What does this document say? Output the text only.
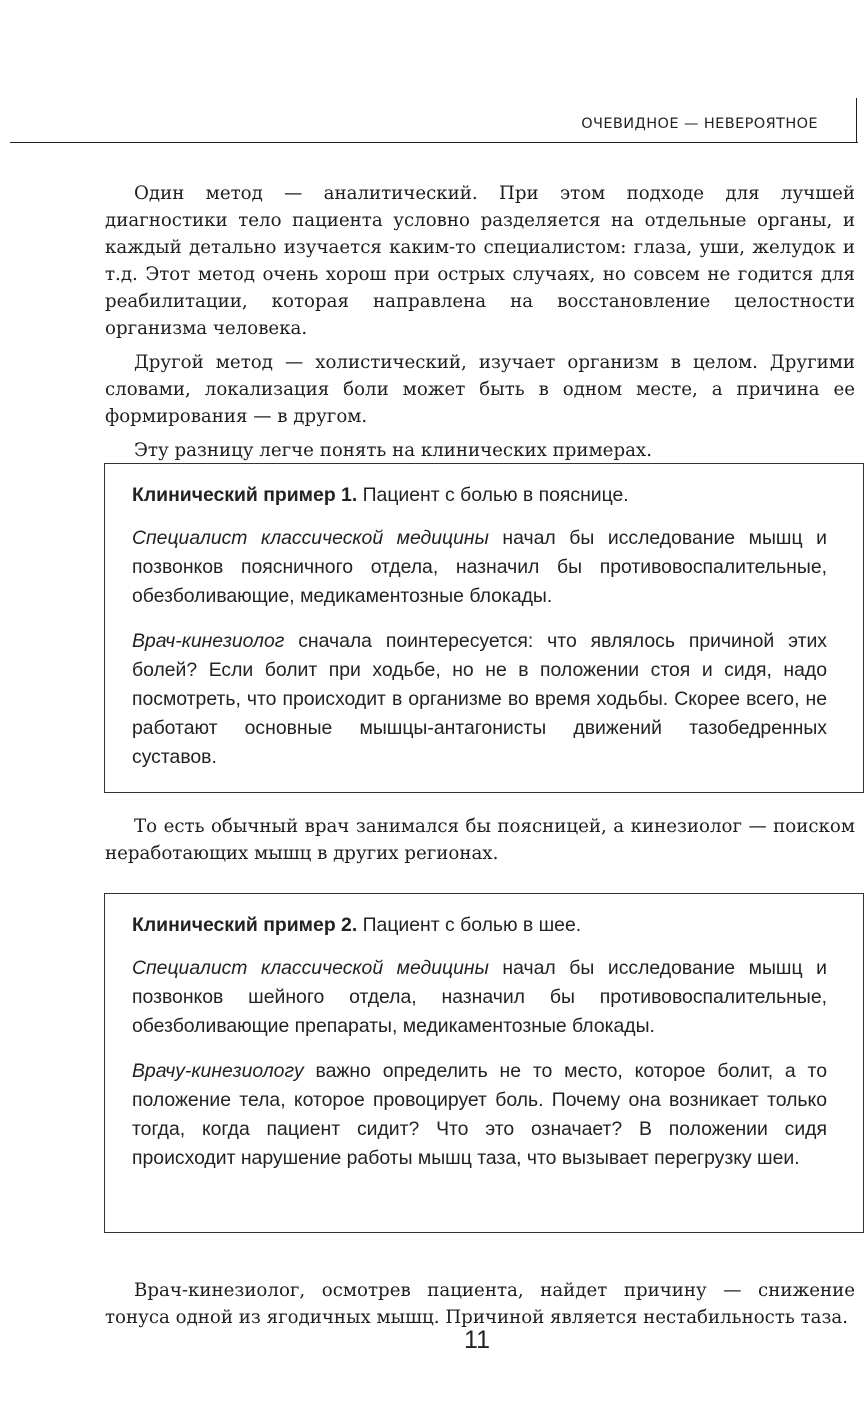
ОЧЕВИДНОЕ — НЕВЕРОЯТНОЕ

Один метод — аналитический. При этом подходе для лучшей диагностики тело пациента условно разделяется на отдельные органы, и каждый детально изучается каким-то специалистом: глаза, уши, желудок и т.д. Этот метод очень хорош при острых случаях, но совсем не годится для реабилитации, которая направлена на восстановление целостности организма человека.

Другой метод — холистический, изучает организм в целом. Другими словами, локализация боли может быть в одном месте, а причина ее формирования — в другом.

Эту разницу легче понять на клинических примерах.

Клинический пример 1. Пациент с болью в пояснице.

Специалист классической медицины начал бы исследование мышц и позвонков поясничного отдела, назначил бы противовоспалительные, обезболивающие, медикаментозные блокады.

Врач-кинезиолог сначала поинтересуется: что являлось причиной этих болей? Если болит при ходьбе, но не в положении стоя и сидя, надо посмотреть, что происходит в организме во время ходьбы. Скорее всего, не работают основные мышцы-антагонисты движений тазобедренных суставов.

То есть обычный врач занимался бы поясницей, а кинезиолог — поиском неработающих мышц в других регионах.

Клинический пример 2. Пациент с болью в шее.

Специалист классической медицины начал бы исследование мышц и позвонков шейного отдела, назначил бы противовоспалительные, обезболивающие препараты, медикаментозные блокады.

Врачу-кинезиологу важно определить не то место, которое болит, а то положение тела, которое провоцирует боль. Почему она возникает только тогда, когда пациент сидит? Что это означает? В положении сидя происходит нарушение работы мышц таза, что вызывает перегрузку шеи.

Врач-кинезиолог, осмотрев пациента, найдет причину — снижение тонуса одной из ягодичных мышц. Причиной является нестабильность таза.

11
